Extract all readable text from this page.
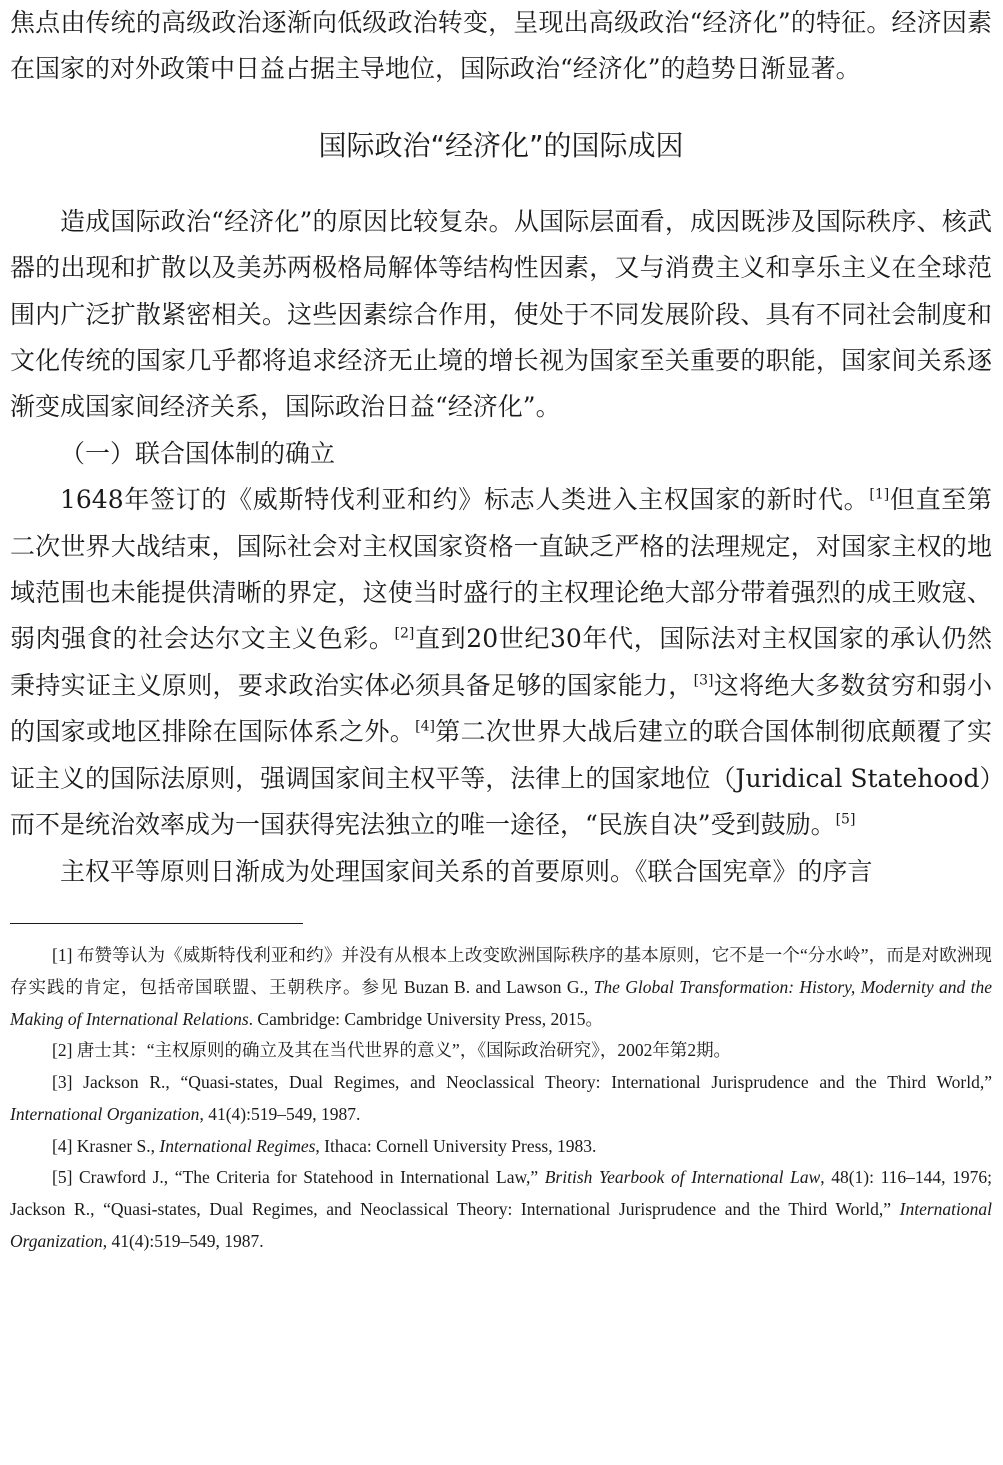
焦点由传统的高级政治逐渐向低级政治转变，呈现出高级政治“经济化”的特征。经济因素在国家的对外政策中日益占据主导地位，国际政治“经济化”的趋势日渐显著。

国际政治“经济化”的国际成因

造成国际政治“经济化”的原因比较复杂。从国际层面看，成因既涉及国际秩序、核武器的出现和扩散以及美苏两极格局解体等结构性因素，又与消费主义和享乐主义在全球范围内广泛扩散紧密相关。这些因素综合作用，使处于不同发展阶段、具有不同社会制度和文化传统的国家几乎都将追求经济无止境的增长视为国家至关重要的职能，国家间关系逐渐变成国家间经济关系，国际政治日益“经济化”。

（一）联合国体制的确立

1648年签订的《威斯特伐利亚和约》标志人类进入主权国家的新时代。[1]但直至第二次世界大战结束，国际社会对主权国家资格一直缺乏严格的法理规定，对国家主权的地域范围也未能提供清晰的界定，这使当时盛行的主权理论绝大部分带着强烈的成王败寇、弱肉强食的社会达尔文主义色彩。[2]直到20世纪30年代，国际法对主权国家的承认仍然秉持实证主义原则，要求政治实体必须具备足够的国家能力，[3]这将绝大多数贫穷和弱小的国家或地区排除在国际体系之外。[4]第二次世界大战后建立的联合国体制彻底颠覆了实证主义的国际法原则，强调国家间主权平等，法律上的国家地位（Juridical Statehood）而不是统治效率成为一国获得宪法独立的唯一途径，“民族自决”受到鼓励。[5]

主权平等原则日渐成为处理国家间关系的首要原则。《联合国宪章》的序言

[1] 布赞等认为《威斯特伐利亚和约》并没有从根本上改变欧洲国际秩序的基本原则，它不是一个“分水岭”，而是对欧洲现存实践的肯定，包括帝国联盟、王朝秩序。参见 Buzan B. and Lawson G., The Global Transformation: History, Modernity and the Making of International Relations. Cambridge: Cambridge University Press, 2015。

[2] 唐士其：“主权原则的确立及其在当代世界的意义”，《国际政治研究》，2002年第2期。

[3] Jackson R., “Quasi-states, Dual Regimes, and Neoclassical Theory: International Jurisprudence and the Third World,” International Organization, 41(4):519–549, 1987.

[4] Krasner S., International Regimes, Ithaca: Cornell University Press, 1983.

[5] Crawford J., “The Criteria for Statehood in International Law,” British Yearbook of International Law, 48(1): 116–144, 1976; Jackson R., “Quasi-states, Dual Regimes, and Neoclassical Theory: International Jurisprudence and the Third World,” International Organization, 41(4):519–549, 1987.
